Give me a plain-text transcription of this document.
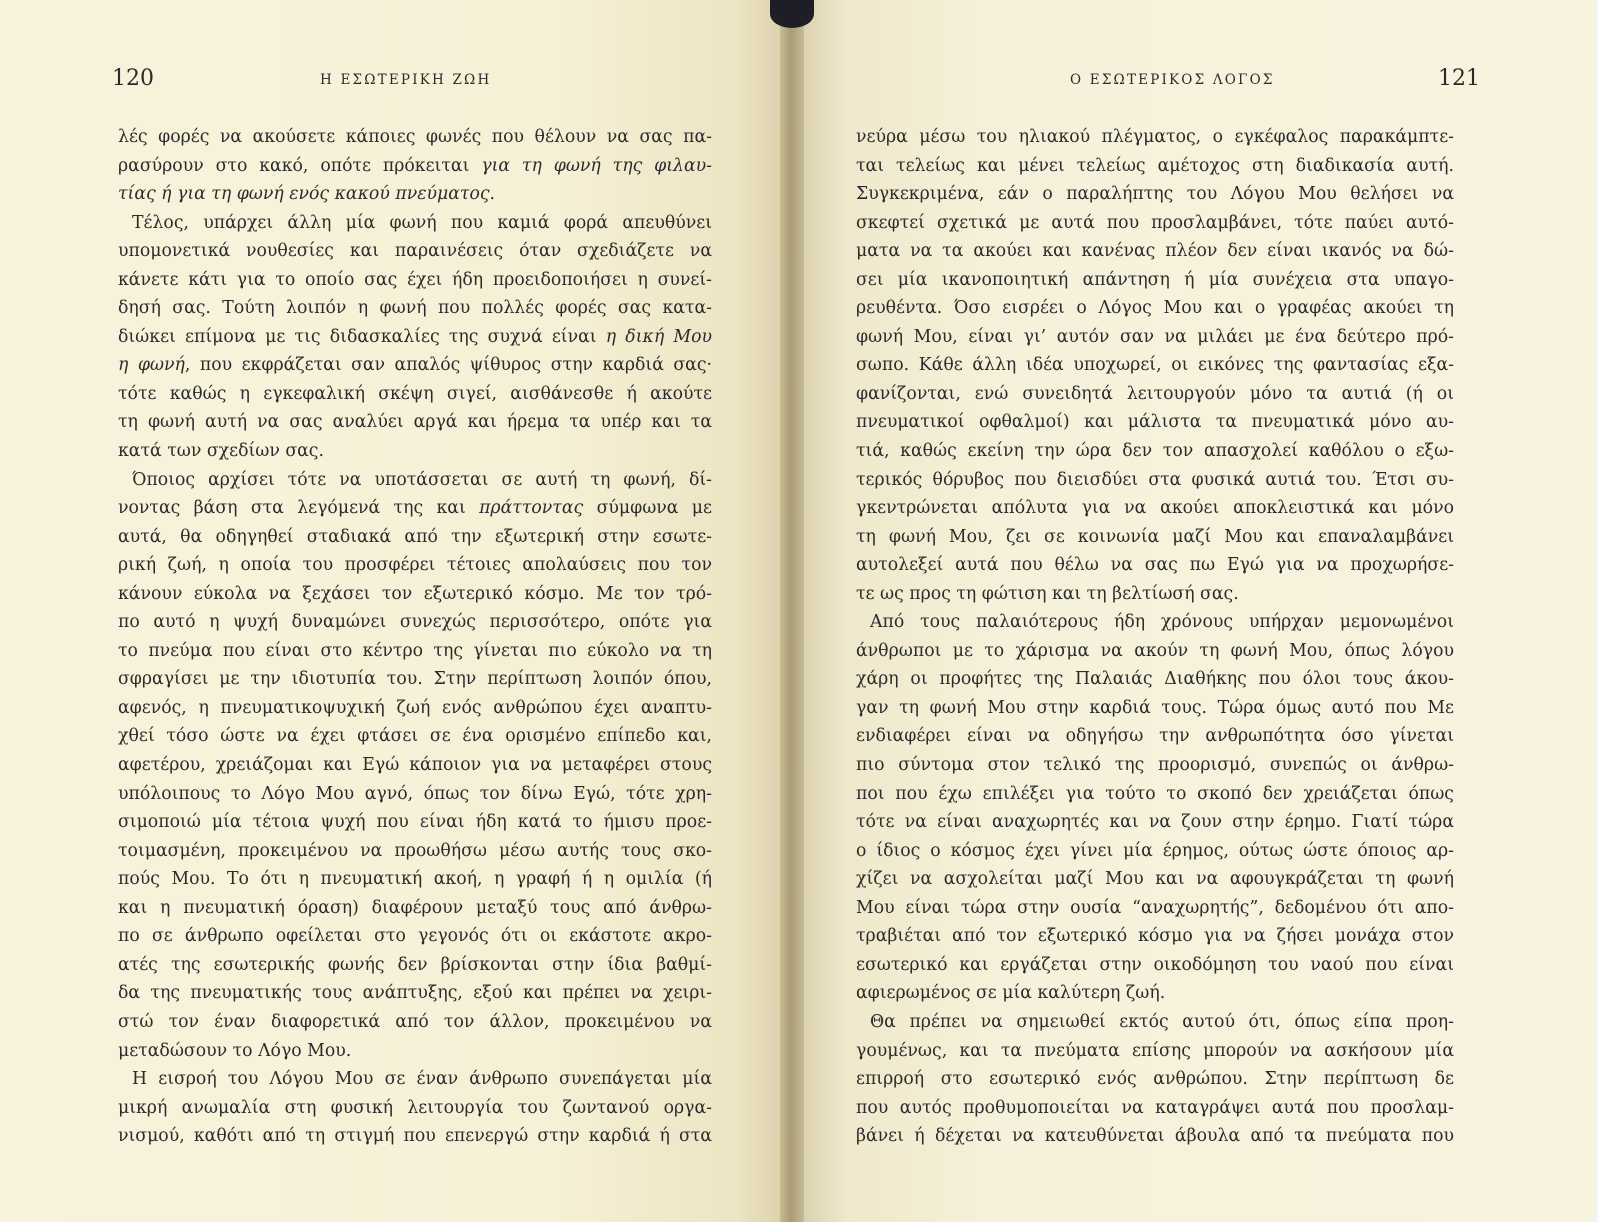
120	Η ΕΣΩΤΕΡΙΚΗ ΖΩΗ	Ο ΕΣΩΤΕΡΙΚΟΣ ΛΟΓΟΣ	121
λές φορές να ακούσετε κάποιες φωνές που θέλουν να σας πα-
ρασύρουν στο κακό, οπότε πρόκειται για τη φωνή της φιλαυ-
τίας ή για τη φωνή ενός κακού πνεύματος.
Τέλος, υπάρχει άλλη μία φωνή που καμιά φορά απευθύνει
υπομονετικά νουθεσίες και παραινέσεις όταν σχεδιάζετε να
κάνετε κάτι για το οποίο σας έχει ήδη προειδοποιήσει η συνεί-
δησή σας. Τούτη λοιπόν η φωνή που πολλές φορές σας κατα-
διώκει επίμονα με τις διδασκαλίες της συχνά είναι η δική Μου
η φωνή, που εκφράζεται σαν απαλός ψίθυρος στην καρδιά σας·
τότε καθώς η εγκεφαλική σκέψη σιγεί, αισθάνεσθε ή ακούτε
τη φωνή αυτή να σας αναλύει αργά και ήρεμα τα υπέρ και τα
κατά των σχεδίων σας.
Όποιος αρχίσει τότε να υποτάσσεται σε αυτή τη φωνή, δί-
νοντας βάση στα λεγόμενά της και πράττοντας σύμφωνα με
αυτά, θα οδηγηθεί σταδιακά από την εξωτερική στην εσωτε-
ρική ζωή, η οποία του προσφέρει τέτοιες απολαύσεις που τον
κάνουν εύκολα να ξεχάσει τον εξωτερικό κόσμο. Με τον τρό-
πο αυτό η ψυχή δυναμώνει συνεχώς περισσότερο, οπότε για
το πνεύμα που είναι στο κέντρο της γίνεται πιο εύκολο να τη
σφραγίσει με την ιδιοτυπία του. Στην περίπτωση λοιπόν όπου,
αφενός, η πνευματικοψυχική ζωή ενός ανθρώπου έχει αναπτυ-
χθεί τόσο ώστε να έχει φτάσει σε ένα ορισμένο επίπεδο και,
αφετέρου, χρειάζομαι και Εγώ κάποιον για να μεταφέρει στους
υπόλοιπους το Λόγο Μου αγνό, όπως τον δίνω Εγώ, τότε χρη-
σιμοποιώ μία τέτοια ψυχή που είναι ήδη κατά το ήμισυ προε-
τοιμασμένη, προκειμένου να προωθήσω μέσω αυτής τους σκο-
πούς Μου. Το ότι η πνευματική ακοή, η γραφή ή η ομιλία (ή
και η πνευματική όραση) διαφέρουν μεταξύ τους από άνθρω-
πο σε άνθρωπο οφείλεται στο γεγονός ότι οι εκάστοτε ακρο-
ατές της εσωτερικής φωνής δεν βρίσκονται στην ίδια βαθμί-
δα της πνευματικής τους ανάπτυξης, εξού και πρέπει να χειρι-
στώ τον έναν διαφορετικά από τον άλλον, προκειμένου να
μεταδώσουν το Λόγο Μου.
Η εισροή του Λόγου Μου σε έναν άνθρωπο συνεπάγεται μία
μικρή ανωμαλία στη φυσική λειτουργία του ζωντανού οργα-
νισμού, καθότι από τη στιγμή που επενεργώ στην καρδιά ή στα
νεύρα μέσω του ηλιακού πλέγματος, ο εγκέφαλος παρακάμπτε-
ται τελείως και μένει τελείως αμέτοχος στη διαδικασία αυτή.
Συγκεκριμένα, εάν ο παραλήπτης του Λόγου Μου θελήσει να
σκεφτεί σχετικά με αυτά που προσλαμβάνει, τότε παύει αυτό-
ματα να τα ακούει και κανένας πλέον δεν είναι ικανός να δώ-
σει μία ικανοποιητική απάντηση ή μία συνέχεια στα υπαγο-
ρευθέντα. Όσο εισρέει ο Λόγος Μου και ο γραφέας ακούει τη
φωνή Μου, είναι γι’ αυτόν σαν να μιλάει με ένα δεύτερο πρό-
σωπο. Κάθε άλλη ιδέα υποχωρεί, οι εικόνες της φαντασίας εξα-
φανίζονται, ενώ συνειδητά λειτουργούν μόνο τα αυτιά (ή οι
πνευματικοί οφθαλμοί) και μάλιστα τα πνευματικά μόνο αυ-
τιά, καθώς εκείνη την ώρα δεν τον απασχολεί καθόλου ο εξω-
τερικός θόρυβος που διεισδύει στα φυσικά αυτιά του. Έτσι συ-
γκεντρώνεται απόλυτα για να ακούει αποκλειστικά και μόνο
τη φωνή Μου, ζει σε κοινωνία μαζί Μου και επαναλαμβάνει
αυτολεξεί αυτά που θέλω να σας πω Εγώ για να προχωρήσε-
τε ως προς τη φώτιση και τη βελτίωσή σας.
Από τους παλαιότερους ήδη χρόνους υπήρχαν μεμονωμένοι
άνθρωποι με το χάρισμα να ακούν τη φωνή Μου, όπως λόγου
χάρη οι προφήτες της Παλαιάς Διαθήκης που όλοι τους άκου-
γαν τη φωνή Μου στην καρδιά τους. Τώρα όμως αυτό που Με
ενδιαφέρει είναι να οδηγήσω την ανθρωπότητα όσο γίνεται
πιο σύντομα στον τελικό της προορισμό, συνεπώς οι άνθρω-
ποι που έχω επιλέξει για τούτο το σκοπό δεν χρειάζεται όπως
τότε να είναι αναχωρητές και να ζουν στην έρημο. Γιατί τώρα
ο ίδιος ο κόσμος έχει γίνει μία έρημος, ούτως ώστε όποιος αρ-
χίζει να ασχολείται μαζί Μου και να αφουγκράζεται τη φωνή
Μου είναι τώρα στην ουσία “αναχωρητής”, δεδομένου ότι απο-
τραβιέται από τον εξωτερικό κόσμο για να ζήσει μονάχα στον
εσωτερικό και εργάζεται στην οικοδόμηση του ναού που είναι
αφιερωμένος σε μία καλύτερη ζωή.
Θα πρέπει να σημειωθεί εκτός αυτού ότι, όπως είπα προη-
γουμένως, και τα πνεύματα επίσης μπορούν να ασκήσουν μία
επιρροή στο εσωτερικό ενός ανθρώπου. Στην περίπτωση δε
που αυτός προθυμοποιείται να καταγράψει αυτά που προσλαμ-
βάνει ή δέχεται να κατευθύνεται άβουλα από τα πνεύματα που
